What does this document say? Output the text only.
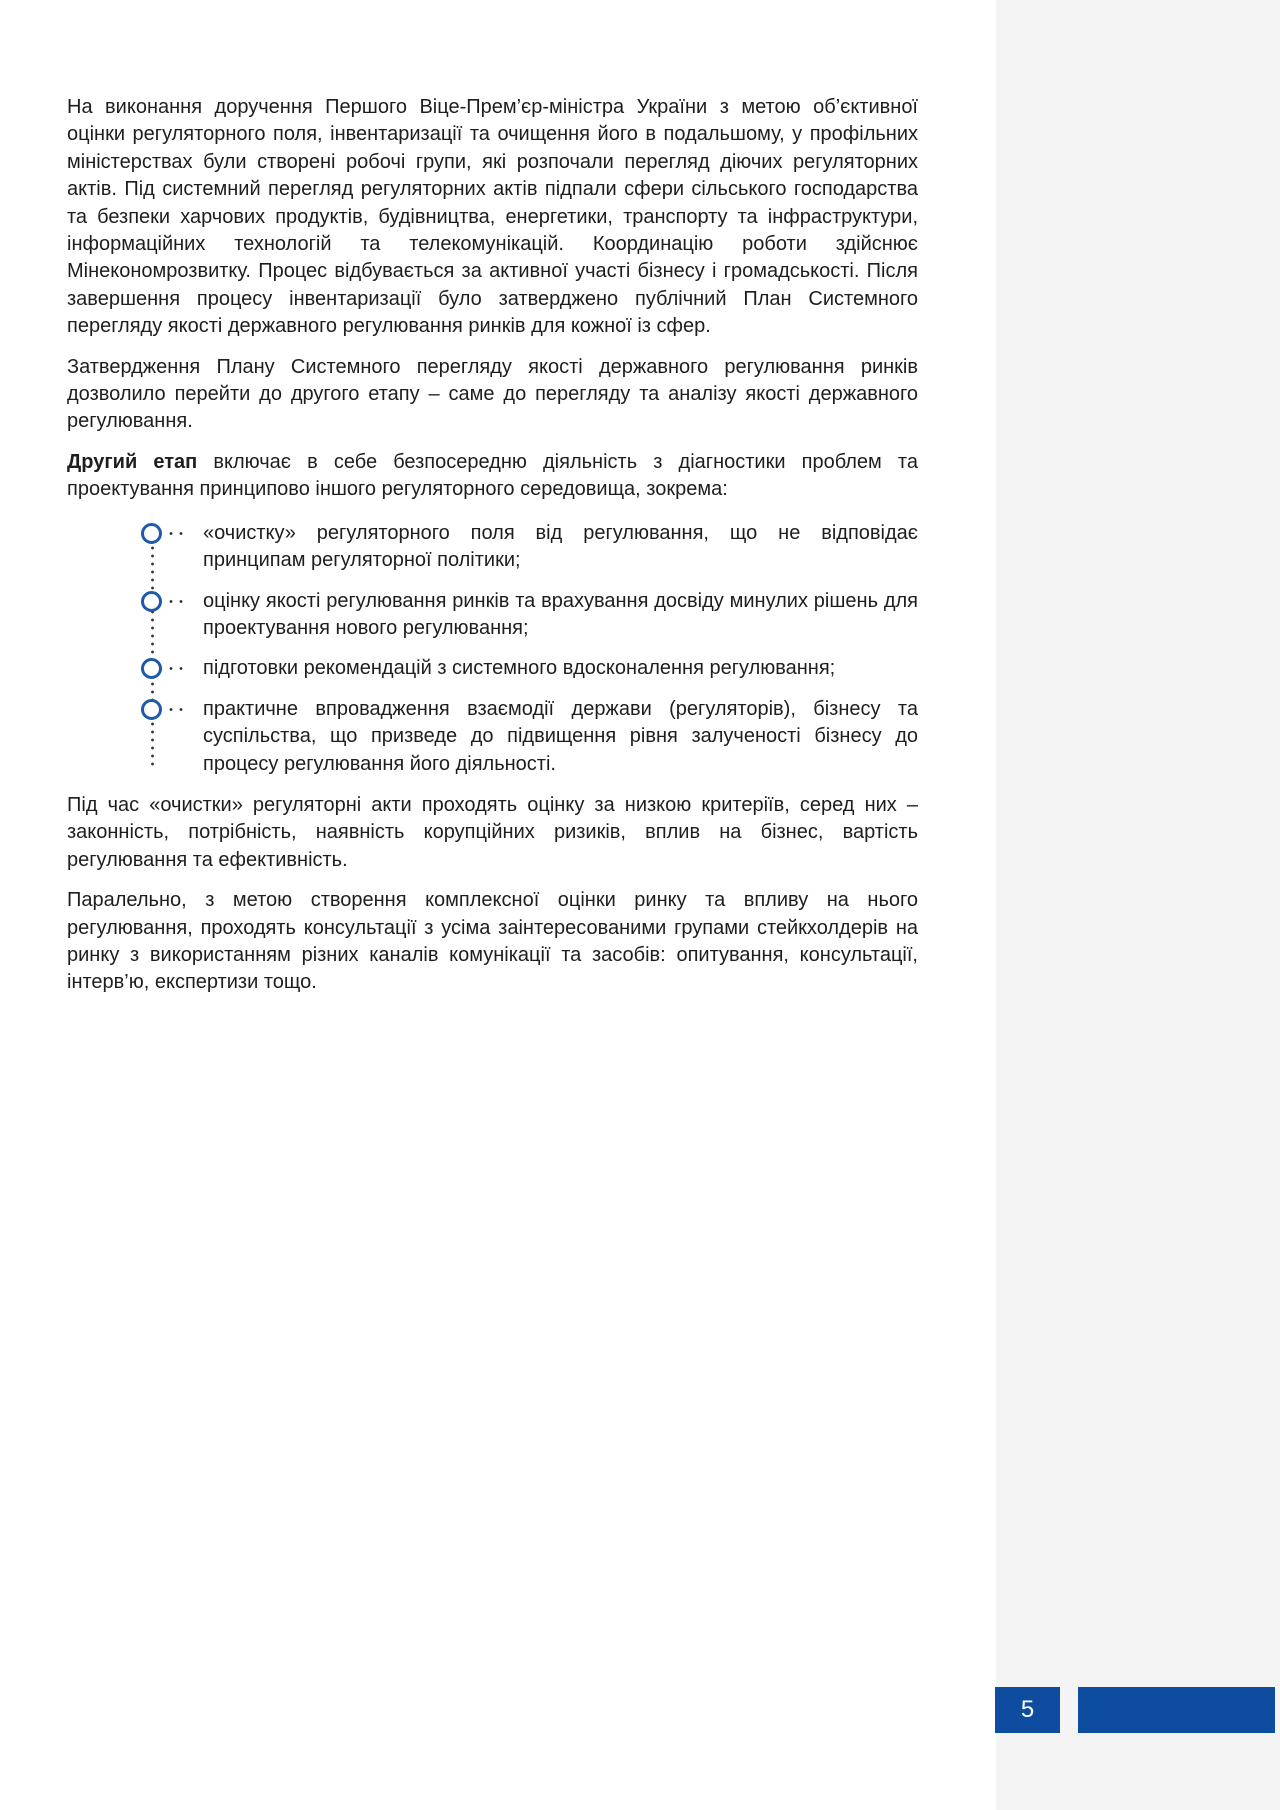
На виконання доручення Першого Віце-Прем’єр-міністра України з метою об’єктивної оцінки регуляторного поля, інвентаризації та очищення його в подальшому, у профільних міністерствах були створені робочі групи, які розпочали перегляд діючих регуляторних актів. Під системний перегляд регуляторних актів підпали сфери сільського господарства та безпеки харчових продуктів, будівництва, енергетики, транспорту та інфраструктури, інформаційних технологій та телекомунікацій. Координацію роботи здійснює Мінекономрозвитку. Процес відбувається за активної участі бізнесу і громадськості. Після завершення процесу інвентаризації було затверджено публічний План Системного перегляду якості державного регулювання ринків для кожної із сфер.

Затвердження Плану Системного перегляду якості державного регулювання ринків дозволило перейти до другого етапу – саме до перегляду та аналізу якості державного регулювання.

Другий етап включає в себе безпосередню діяльність з діагностики проблем та проектування принципово іншого регуляторного середовища, зокрема:

«очистку» регуляторного поля від регулювання, що не відповідає принципам регуляторної політики;
оцінку якості регулювання ринків та врахування досвіду минулих рішень для проектування нового регулювання;
підготовки рекомендацій з системного вдосконалення регулювання;
практичне впровадження взаємодії держави (регуляторів), бізнесу та суспільства, що призведе до підвищення рівня залученості бізнесу до процесу регулювання його діяльності.

Під час «очистки» регуляторні акти проходять оцінку за низкою критеріїв, серед них – законність, потрібність, наявність корупційних ризиків, вплив на бізнес, вартість регулювання та ефективність.

Паралельно, з метою створення комплексної оцінки ринку та впливу на нього регулювання, проходять консультації з усіма заінтересованими групами стейкхолдерів на ринку з використанням різних каналів комунікації та засобів: опитування, консультації, інтерв’ю, експертизи тощо.

5
